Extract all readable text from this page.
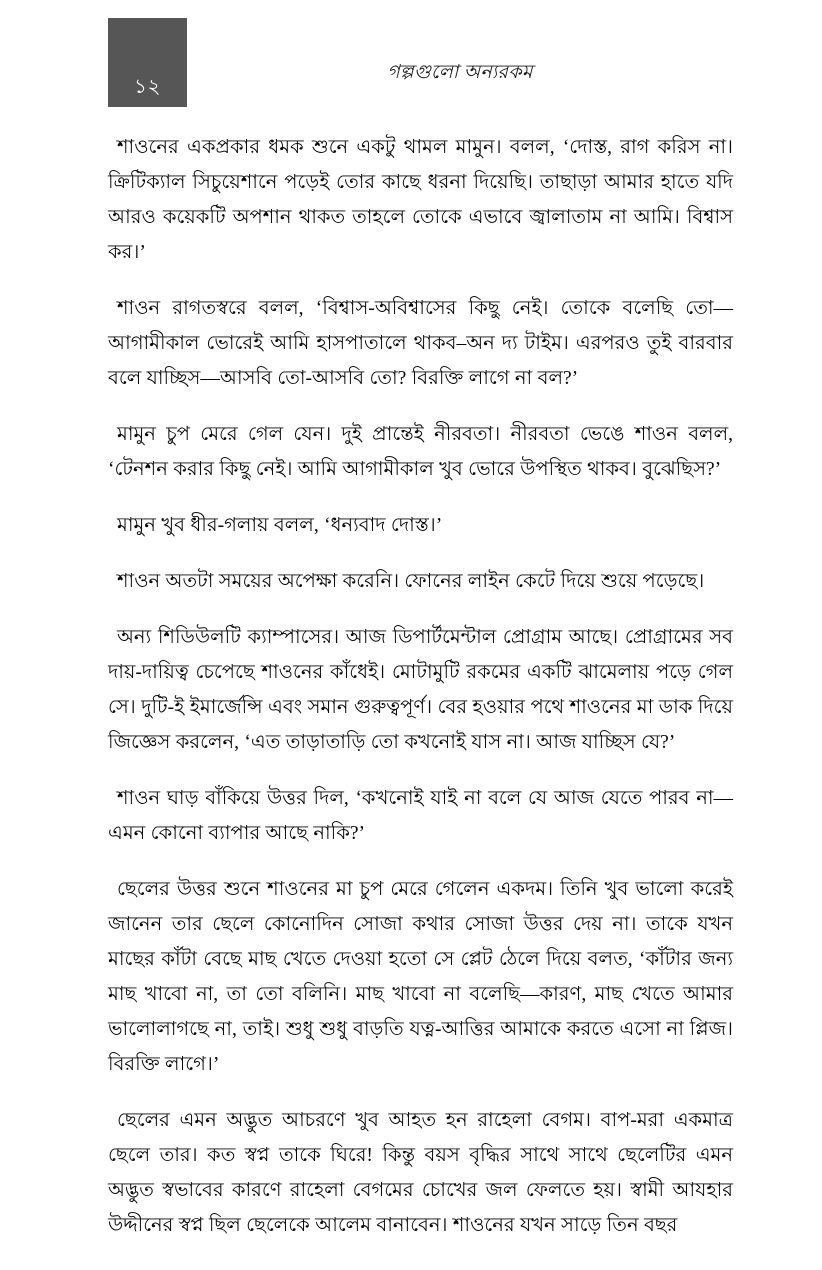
১২
গল্পগুলো অন্যরকম

শাওনের একপ্রকার ধমক শুনে একটু থামল মামুন। বলল, ‘দোস্ত, রাগ করিস না। ক্রিটিক্যাল সিচুয়েশানে পড়েই তোর কাছে ধরনা দিয়েছি। তাছাড়া আমার হাতে যদি আরও কয়েকটি অপশান থাকত তাহলে তোকে এভাবে জ্বালাতাম না আমি। বিশ্বাস কর।’

শাওন রাগতস্বরে বলল, ‘বিশ্বাস-অবিশ্বাসের কিছু নেই। তোকে বলেছি তো—আগামীকাল ভোরেই আমি হাসপাতালে থাকব–অন দ্য টাইম। এরপরও তুই বারবার বলে যাচ্ছিস—আসবি তো-আসবি তো? বিরক্তি লাগে না বল?’

মামুন চুপ মেরে গেল যেন। দুই প্রান্তেই নীরবতা। নীরবতা ভেঙে শাওন বলল, ‘টেনশন করার কিছু নেই। আমি আগামীকাল খুব ভোরে উপস্থিত থাকব। বুঝেছিস?’

মামুন খুব ধীর-গলায় বলল, ‘ধন্যবাদ দোস্ত।’

শাওন অতটা সময়ের অপেক্ষা করেনি। ফোনের লাইন কেটে দিয়ে শুয়ে পড়েছে।

অন্য শিডিউলটি ক্যাম্পাসের। আজ ডিপার্টমেন্টাল প্রোগ্রাম আছে। প্রোগ্রামের সব দায়-দায়িত্ব চেপেছে শাওনের কাঁধেই। মোটামুটি রকমের একটি ঝামেলায় পড়ে গেল সে। দুটি-ই ইমার্জেন্সি এবং সমান গুরুত্বপূর্ণ। বের হওয়ার পথে শাওনের মা ডাক দিয়ে জিজ্ঞেস করলেন, ‘এত তাড়াতাড়ি তো কখনোই যাস না। আজ যাচ্ছিস যে?’

শাওন ঘাড় বাঁকিয়ে উত্তর দিল, ‘কখনোই যাই না বলে যে আজ যেতে পারব না—এমন কোনো ব্যাপার আছে নাকি?’

ছেলের উত্তর শুনে শাওনের মা চুপ মেরে গেলেন একদম। তিনি খুব ভালো করেই জানেন তার ছেলে কোনোদিন সোজা কথার সোজা উত্তর দেয় না। তাকে যখন মাছের কাঁটা বেছে মাছ খেতে দেওয়া হতো সে প্লেট ঠেলে দিয়ে বলত, ‘কাঁটার জন্য মাছ খাবো না, তা তো বলিনি। মাছ খাবো না বলেছি—কারণ, মাছ খেতে আমার ভালোলাগছে না, তাই। শুধু শুধু বাড়তি যত্ন-আত্তির আমাকে করতে এসো না প্লিজ। বিরক্তি লাগে।’

ছেলের এমন অদ্ভুত আচরণে খুব আহত হন রাহেলা বেগম। বাপ-মরা একমাত্র ছেলে তার। কত স্বপ্ন তাকে ঘিরে! কিন্তু বয়স বৃদ্ধির সাথে সাথে ছেলেটির এমন অদ্ভুত স্বভাবের কারণে রাহেলা বেগমের চোখের জল ফেলতে হয়। স্বামী আযহার উদ্দীনের স্বপ্ন ছিল ছেলেকে আলেম বানাবেন। শাওনের যখন সাড়ে তিন বছর
